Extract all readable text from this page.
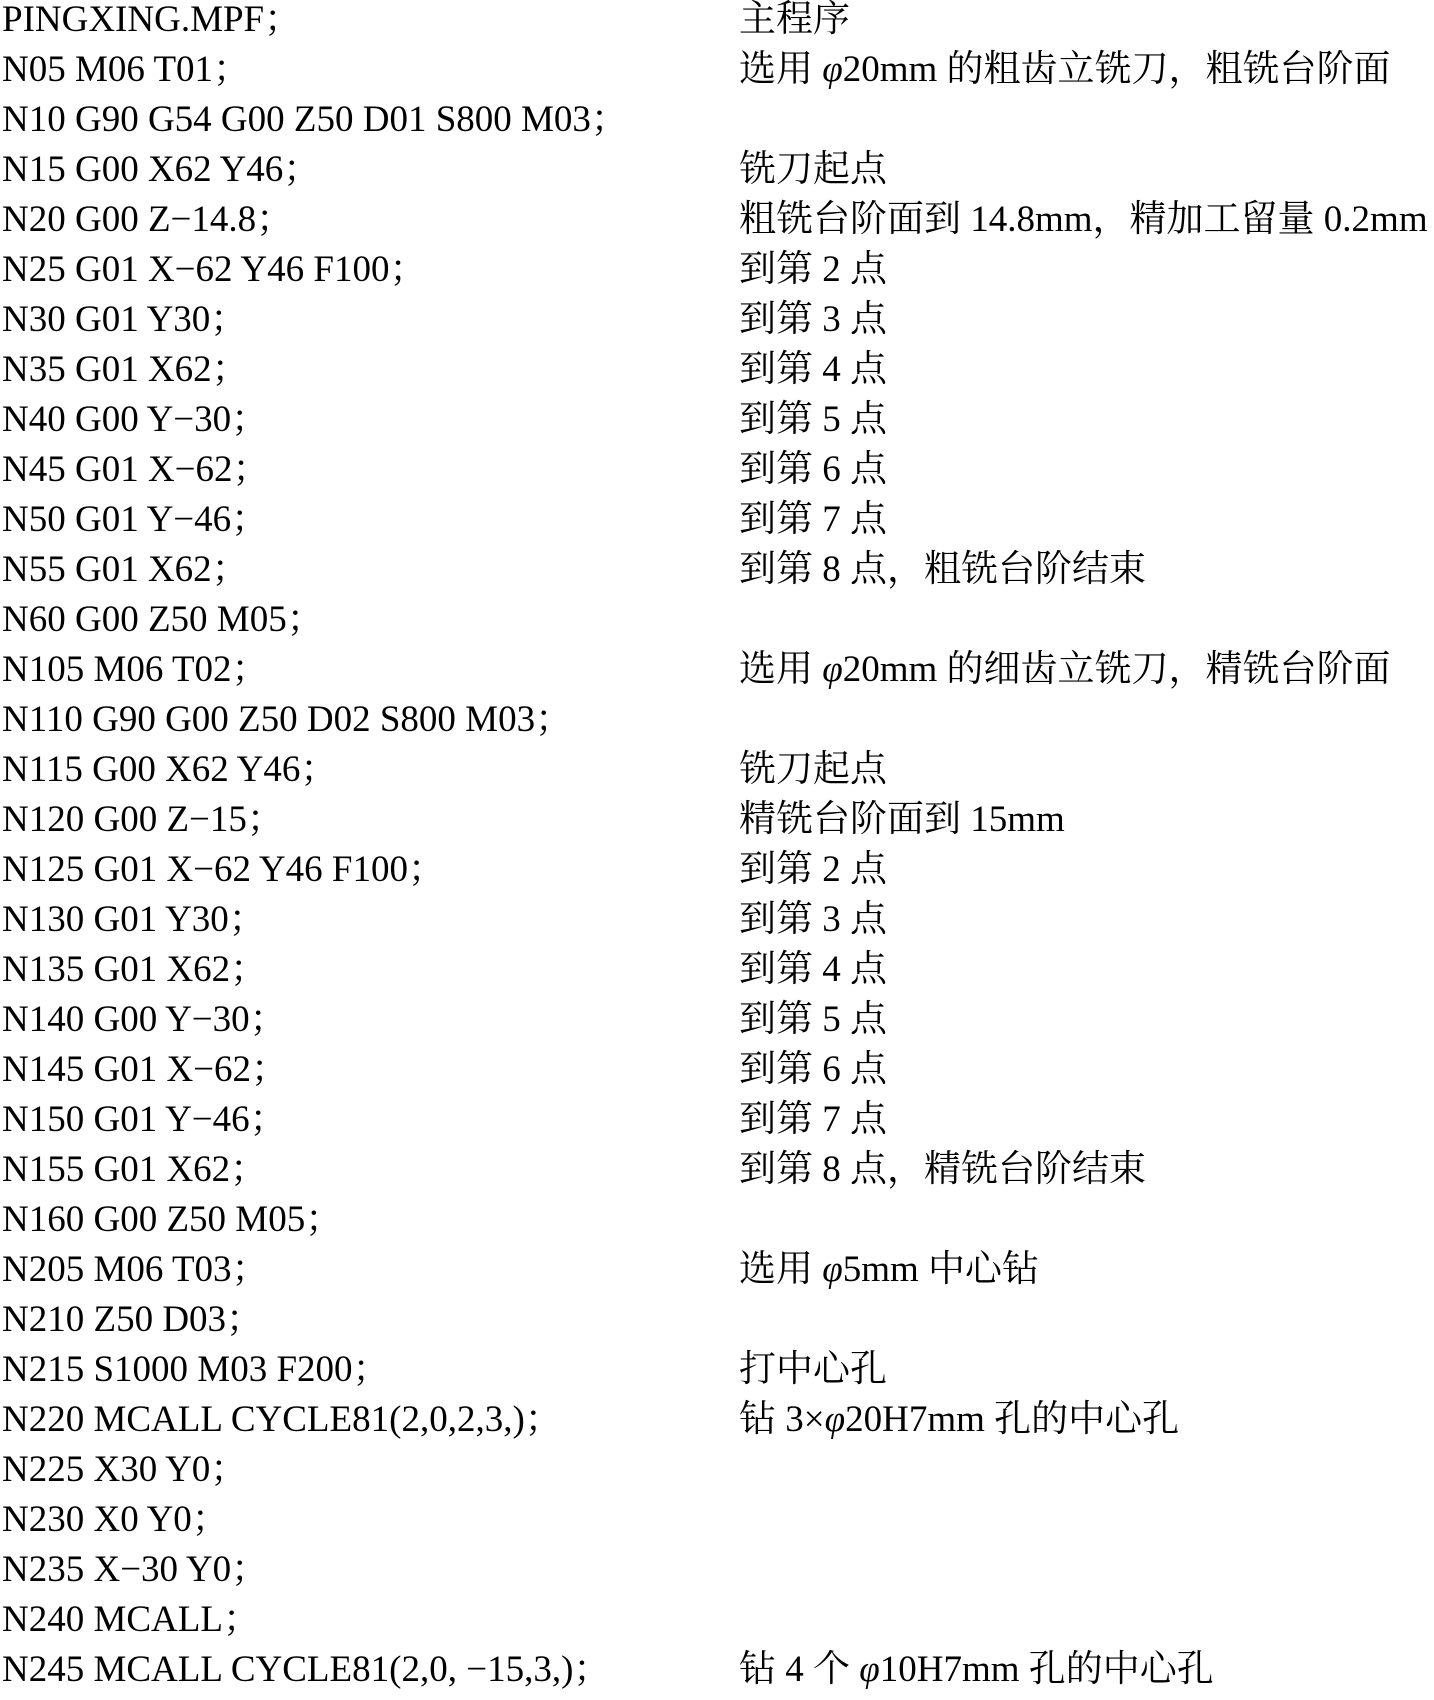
PINGXING.MPF；	主程序
N05 M06 T01；	选用 φ20mm 的粗齿立铣刀，粗铣台阶面
N10 G90 G54 G00 Z50 D01 S800 M03；
N15 G00 X62 Y46；	铣刀起点
N20 G00 Z−14.8；	粗铣台阶面到 14.8mm，精加工留量 0.2mm
N25 G01 X−62 Y46 F100；	到第 2 点
N30 G01 Y30；	到第 3 点
N35 G01 X62；	到第 4 点
N40 G00 Y−30；	到第 5 点
N45 G01 X−62；	到第 6 点
N50 G01 Y−46；	到第 7 点
N55 G01 X62；	到第 8 点，粗铣台阶结束
N60 G00 Z50 M05；
N105 M06 T02；	选用 φ20mm 的细齿立铣刀，精铣台阶面
N110 G90 G00 Z50 D02 S800 M03；
N115 G00 X62 Y46；	铣刀起点
N120 G00 Z−15；	精铣台阶面到 15mm
N125 G01 X−62 Y46 F100；	到第 2 点
N130 G01 Y30；	到第 3 点
N135 G01 X62；	到第 4 点
N140 G00 Y−30；	到第 5 点
N145 G01 X−62；	到第 6 点
N150 G01 Y−46；	到第 7 点
N155 G01 X62；	到第 8 点，精铣台阶结束
N160 G00 Z50 M05；
N205 M06 T03；	选用 φ5mm 中心钻
N210 Z50 D03；
N215 S1000 M03 F200；	打中心孔
N220 MCALL CYCLE81(2,0,2,3,)；	钻 3×φ20H7mm 孔的中心孔
N225 X30 Y0；
N230 X0 Y0；
N235 X−30 Y0；
N240 MCALL；
N245 MCALL CYCLE81(2,0, −15,3,)；	钻 4 个 φ10H7mm 孔的中心孔
